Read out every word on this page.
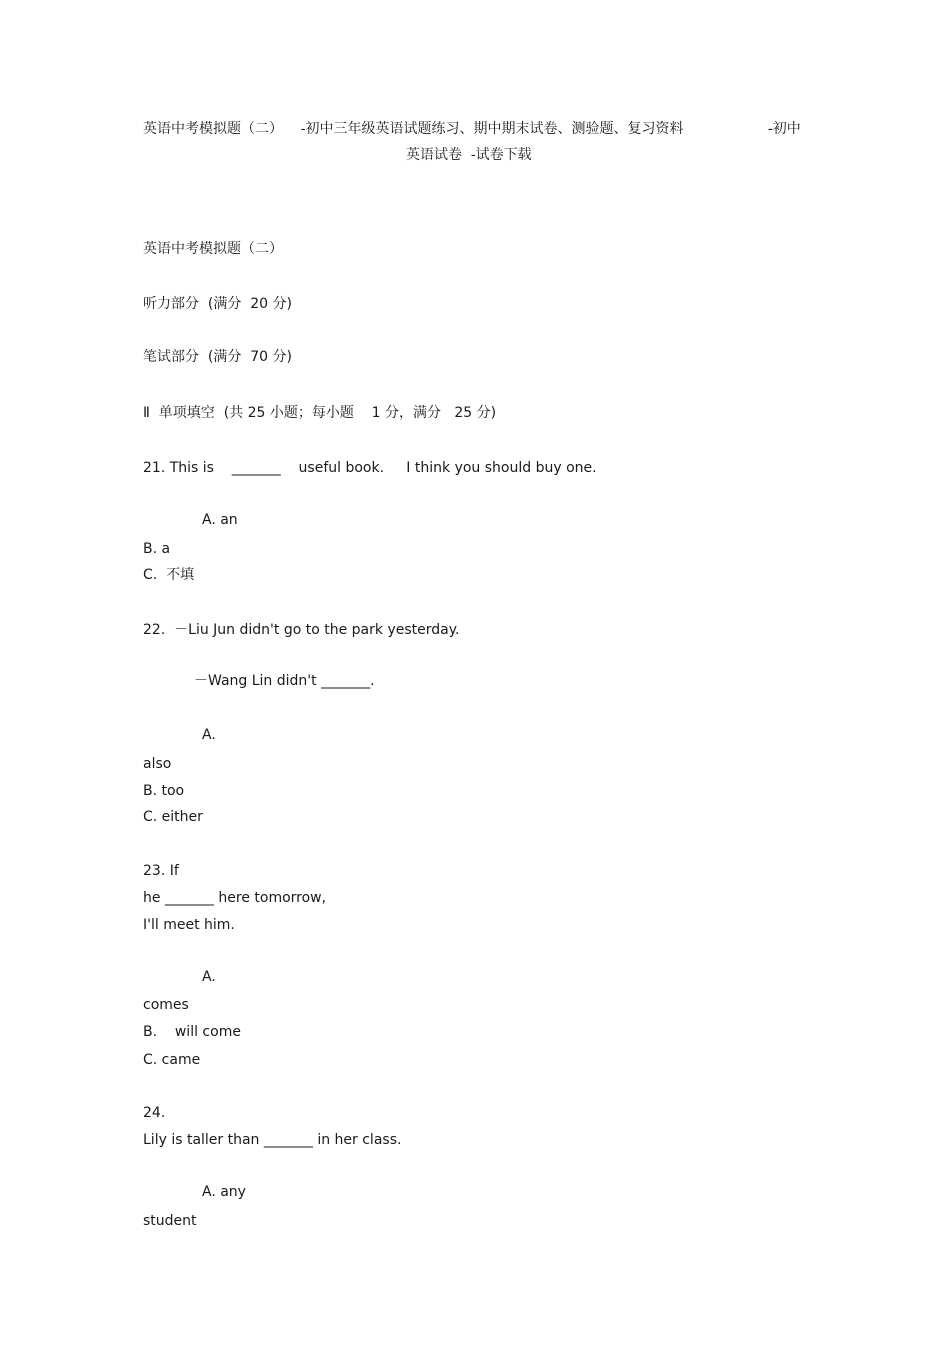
英语中考模拟题（二）    -初中三年级英语试题练习、期中期末试卷、测验题、复习资料	-初中
英语试卷  -试卷下载
英语中考模拟题（二）
听力部分  (满分  20 分)
笔试部分  (满分  70 分)
Ⅱ  单项填空  (共 25 小题；每小题    1 分，满分   25 分)
21. This is    _______    useful book.     I think you should buy one.
A. an
B. a
C.  不填
22.  －Liu Jun didn't go to the park yesterday.
－Wang Lin didn't _______.
A.
also
B. too
C. either
23. If
he _______ here tomorrow,
I'll meet him.
A.
comes
B.    will come
C. came
24.
Lily is taller than _______ in her class.
A. any
student
